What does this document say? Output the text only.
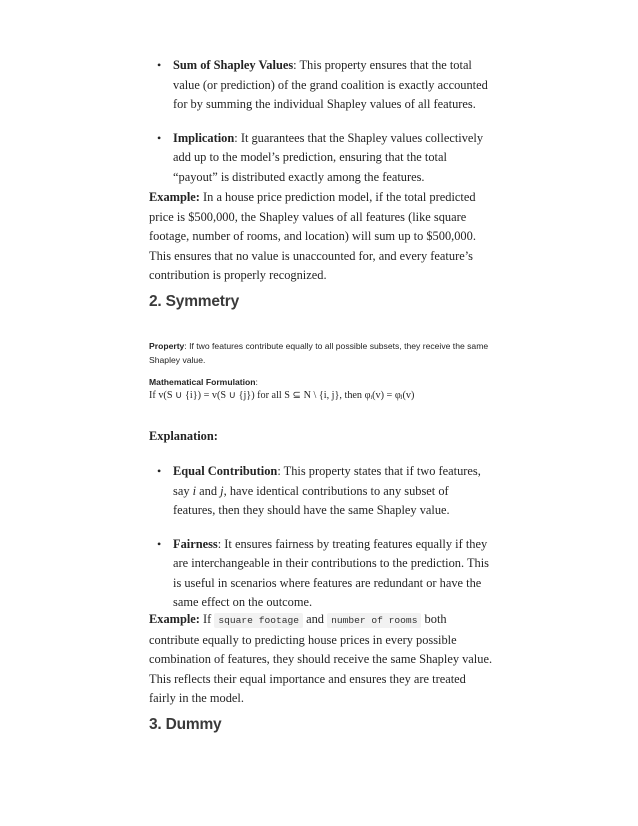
• Sum of Shapley Values: This property ensures that the total value (or prediction) of the grand coalition is exactly accounted for by summing the individual Shapley values of all features.
• Implication: It guarantees that the Shapley values collectively add up to the model’s prediction, ensuring that the total “payout” is distributed exactly among the features.

Example: In a house price prediction model, if the total predicted price is $500,000, the Shapley values of all features (like square footage, number of rooms, and location) will sum up to $500,000. This ensures that no value is unaccounted for, and every feature’s contribution is properly recognized.

2. Symmetry
Property: If two features contribute equally to all possible subsets, they receive the same Shapley value.
Mathematical Formulation:
If v(S ∪ {i}) = v(S ∪ {j}) for all S ⊆ N \ {i, j}, then φᵢ(v) = φⱼ(v)

Explanation:

• Equal Contribution: This property states that if two features, say i and j, have identical contributions to any subset of features, then they should have the same Shapley value.
• Fairness: It ensures fairness by treating features equally if they are interchangeable in their contributions to the prediction. This is useful in scenarios where features are redundant or have the same effect on the outcome.

Example: If square footage and number of rooms both contribute equally to predicting house prices in every possible combination of features, they should receive the same Shapley value. This reflects their equal importance and ensures they are treated fairly in the model.

3. Dummy
